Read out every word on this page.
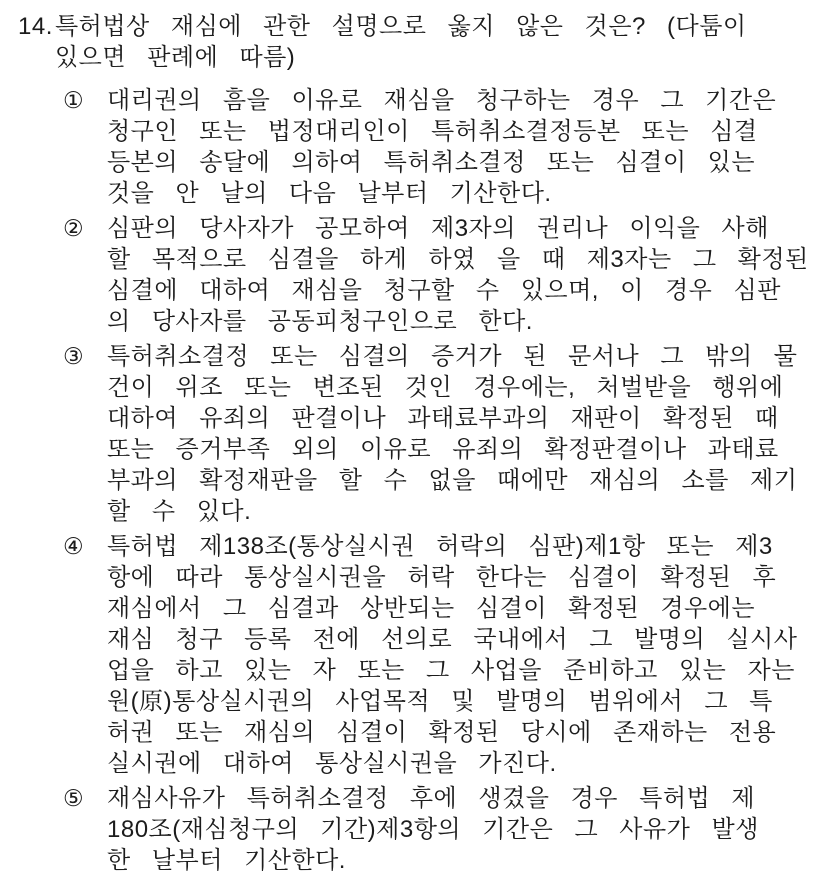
14. 특허법상 재심에 관한 설명으로 옳지 않은 것은? (다툼이
있으면 판례에 따름)
① 대리권의 흠을 이유로 재심을 청구하는 경우 그 기간은
청구인 또는 법정대리인이 특허취소결정등본 또는 심결
등본의 송달에 의하여 특허취소결정 또는 심결이 있는
것을 안 날의 다음 날부터 기산한다.
② 심판의 당사자가 공모하여 제3자의 권리나 이익을 사해
할 목적으로 심결을 하게 하였 을 때 제3자는 그 확정된
심결에 대하여 재심을 청구할 수 있으며, 이 경우 심판
의 당사자를 공동피청구인으로 한다.
③ 특허취소결정 또는 심결의 증거가 된 문서나 그 밖의 물
건이 위조 또는 변조된 것인 경우에는, 처벌받을 행위에
대하여 유죄의 판결이나 과태료부과의 재판이 확정된 때
또는 증거부족 외의 이유로 유죄의 확정판결이나 과태료
부과의 확정재판을 할 수 없을 때에만 재심의 소를 제기
할 수 있다.
④ 특허법 제138조(통상실시권 허락의 심판)제1항 또는 제3
항에 따라 통상실시권을 허락 한다는 심결이 확정된 후
재심에서 그 심결과 상반되는 심결이 확정된 경우에는
재심 청구 등록 전에 선의로 국내에서 그 발명의 실시사
업을 하고 있는 자 또는 그 사업을 준비하고 있는 자는
원(原)통상실시권의 사업목적 및 발명의 범위에서 그 특
허권 또는 재심의 심결이 확정된 당시에 존재하는 전용
실시권에 대하여 통상실시권을 가진다.
⑤ 재심사유가 특허취소결정 후에 생겼을 경우 특허법 제
180조(재심청구의 기간)제3항의 기간은 그 사유가 발생
한 날부터 기산한다.
